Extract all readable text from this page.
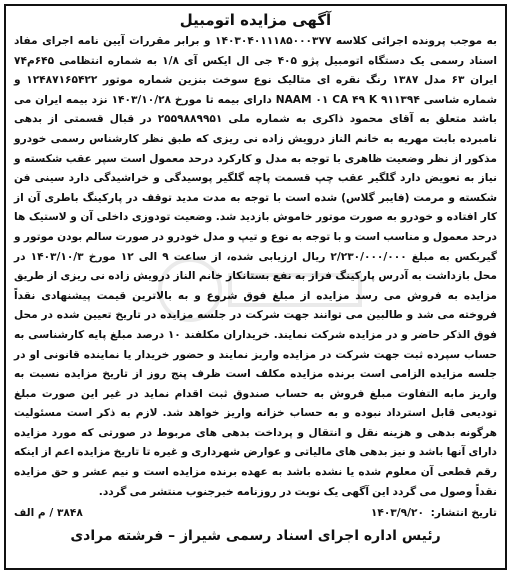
آگهی مزایده اتومبیل

به موجب پرونده اجرائی کلاسه ۱۴۰۳۰۴۰۱۱۱۸۵۰۰۰۳۷۷ و برابر مقررات آیین نامه اجرای مفاد اسناد رسمی یک دستگاه اتومبیل پژو ۴۰۵ جی ال ایکس آی ۱/۸ به شماره انتظامی ۶۴۵م۷۴ ایران ۶۳ مدل ۱۳۸۷ رنگ نقره ای متالیک نوع سوخت بنزین شماره موتور ۱۲۴۸۷۱۶۵۴۲۲ و شماره شاسی NAAM ۰۱ CA ۴۹ K ۹۱۱۳۹۴ دارای بیمه تا مورخ ۱۴۰۳/۱۰/۲۸ نزد بیمه ایران می باشد متعلق به آقای محمود ذاکری به شماره ملی ۲۵۵۹۸۸۹۹۵۱ در قبال قسمتی از بدهی نامبرده بابت مهریه به خانم الناز درویش زاده نی ریزی که طبق نظر کارشناس رسمی خودرو مذکور از نظر وضعیت ظاهری با توجه به مدل و کارکرد درحد معمول است سپر عقب شکسته و نیاز به تعویض دارد گلگیر عقب چپ قسمت پاچه گلگیر پوسیدگی و خراشیدگی دارد سینی فن شکسته و مرمت (فایبر گلاس) شده است با توجه به مدت مدید توقف در پارکینگ باطری آن از کار افتاده و خودرو به صورت موتور خاموش بازدید شد. وضعیت تودوزی داخلی آن و لاستیک ها درحد معمول و مناسب است و با توجه به نوع و تیپ و مدل خودرو در صورت سالم بودن موتور و گیربکس به مبلغ ۲/۲۳۰/۰۰۰/۰۰۰ ریال ارزیابی شده، از ساعت ۹ الی ۱۲ مورخ ۱۴۰۳/۱۰/۳ در محل بازداشت به آدرس پارکینگ فراز به نفع بستانکار خانم الناز درویش زاده نی ریزی از طریق مزایده به فروش می رسد مزایده از مبلغ فوق شروع و به بالاترین قیمت پیشنهادی نقداً فروخته می شد و طالبین می توانند جهت شرکت در جلسه مزایده در تاریخ تعیین شده در محل فوق الذکر حاضر و در مزایده شرکت نمایند. خریداران مکلفند ۱۰ درصد مبلغ پایه کارشناسی به حساب سپرده ثبت جهت شرکت در مزایده واریز نمایند و حضور خریدار یا نماینده قانونی او در جلسه مزایده الزامی است برنده مزایده مکلف است ظرف پنج روز از تاریخ مزایده نسبت به واریز مابه التفاوت مبلغ فروش به حساب صندوق ثبت اقدام نماید در غیر این صورت مبلغ تودیعی قابل استرداد نبوده و به حساب خزانه واریز خواهد شد. لازم به ذکر است مسئولیت هرگونه بدهی و هزینه نقل و انتقال و پرداخت بدهی های مربوط در صورتی که مورد مزایده دارای آنها باشد و نیز بدهی های مالیاتی و عوارض شهرداری و غیره تا تاریخ مزایده اعم از اینکه رقم قطعی آن معلوم شده یا نشده باشد به عهده برنده مزایده است و نیم عشر و حق مزایده نقداً وصول می گردد این آگهی یک نوبت در روزنامه خبرجنوب منتشر می گردد.

تاریخ انتشار: ۱۴۰۳/۹/۲۰
۳۸۴۸ / م الف
رئیس اداره اجرای اسناد رسمی شیراز – فرشته مرادی
